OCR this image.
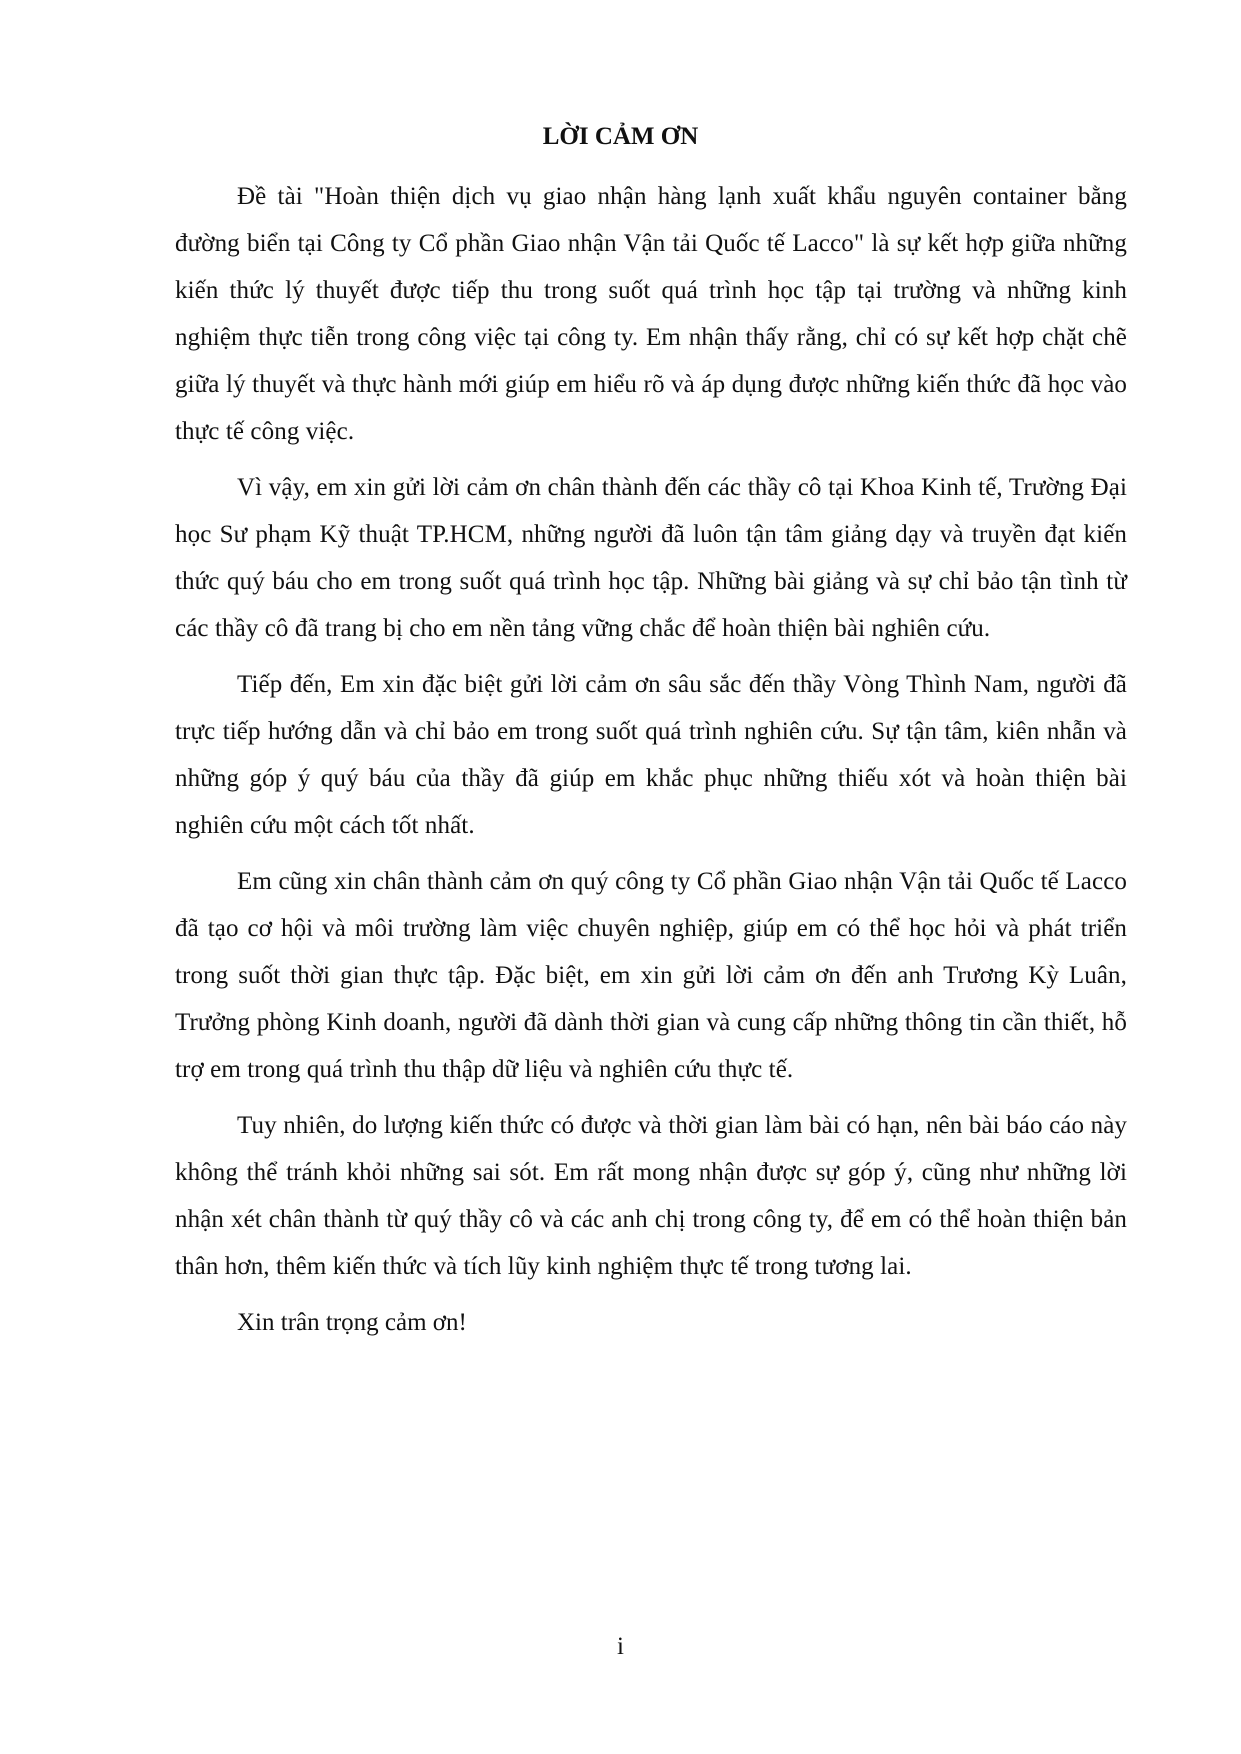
LỜI CẢM ƠN

Đề tài "Hoàn thiện dịch vụ giao nhận hàng lạnh xuất khẩu nguyên container bằng đường biển tại Công ty Cổ phần Giao nhận Vận tải Quốc tế Lacco" là sự kết hợp giữa những kiến thức lý thuyết được tiếp thu trong suốt quá trình học tập tại trường và những kinh nghiệm thực tiễn trong công việc tại công ty. Em nhận thấy rằng, chỉ có sự kết hợp chặt chẽ giữa lý thuyết và thực hành mới giúp em hiểu rõ và áp dụng được những kiến thức đã học vào thực tế công việc.

Vì vậy, em xin gửi lời cảm ơn chân thành đến các thầy cô tại Khoa Kinh tế, Trường Đại học Sư phạm Kỹ thuật TP.HCM, những người đã luôn tận tâm giảng dạy và truyền đạt kiến thức quý báu cho em trong suốt quá trình học tập. Những bài giảng và sự chỉ bảo tận tình từ các thầy cô đã trang bị cho em nền tảng vững chắc để hoàn thiện bài nghiên cứu.

Tiếp đến, Em xin đặc biệt gửi lời cảm ơn sâu sắc đến thầy Vòng Thình Nam, người đã trực tiếp hướng dẫn và chỉ bảo em trong suốt quá trình nghiên cứu. Sự tận tâm, kiên nhẫn và những góp ý quý báu của thầy đã giúp em khắc phục những thiếu xót và hoàn thiện bài nghiên cứu một cách tốt nhất.

Em cũng xin chân thành cảm ơn quý công ty Cổ phần Giao nhận Vận tải Quốc tế Lacco đã tạo cơ hội và môi trường làm việc chuyên nghiệp, giúp em có thể học hỏi và phát triển trong suốt thời gian thực tập. Đặc biệt, em xin gửi lời cảm ơn đến anh Trương Kỳ Luân, Trưởng phòng Kinh doanh, người đã dành thời gian và cung cấp những thông tin cần thiết, hỗ trợ em trong quá trình thu thập dữ liệu và nghiên cứu thực tế.

Tuy nhiên, do lượng kiến thức có được và thời gian làm bài có hạn, nên bài báo cáo này không thể tránh khỏi những sai sót. Em rất mong nhận được sự góp ý, cũng như những lời nhận xét chân thành từ quý thầy cô và các anh chị trong công ty, để em có thể hoàn thiện bản thân hơn, thêm kiến thức và tích lũy kinh nghiệm thực tế trong tương lai.

Xin trân trọng cảm ơn!

i
